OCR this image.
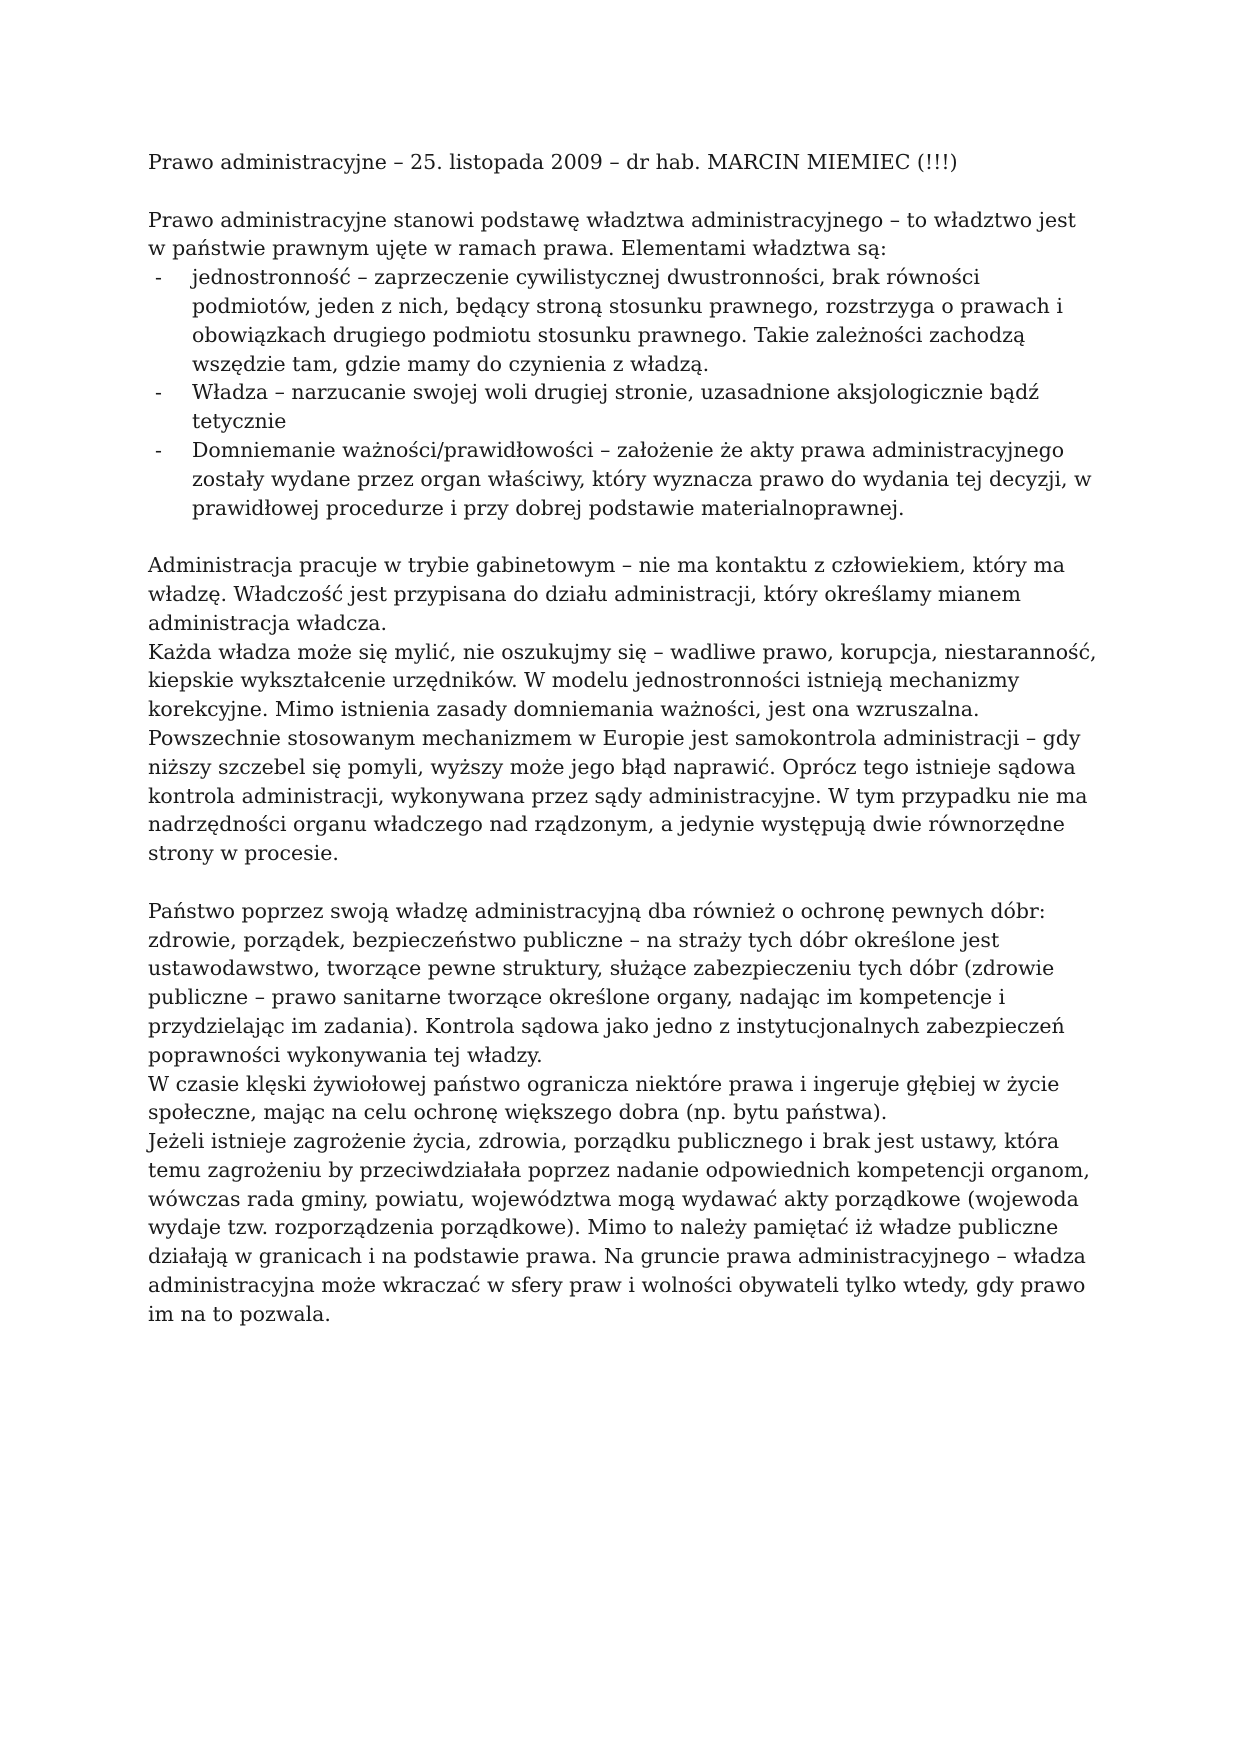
Prawo administracyjne – 25. listopada 2009 – dr hab. MARCIN MIEMIEC (!!!)

Prawo administracyjne stanowi podstawę władztwa administracyjnego – to władztwo jest w państwie prawnym ujęte w ramach prawa. Elementami władztwa są:

- jednostronność – zaprzeczenie cywilistycznej dwustronności, brak równości podmiotów, jeden z nich, będący stroną stosunku prawnego, rozstrzyga o prawach i obowiązkach drugiego podmiotu stosunku prawnego. Takie zależności zachodzą wszędzie tam, gdzie mamy do czynienia z władzą.
- Władza – narzucanie swojej woli drugiej stronie, uzasadnione aksjologicznie bądź tetycznie
- Domniemanie ważności/prawidłowości – założenie że akty prawa administracyjnego zostały wydane przez organ właściwy, który wyznacza prawo do wydania tej decyzji, w prawidłowej procedurze i przy dobrej podstawie materialnoprawnej.

Administracja pracuje w trybie gabinetowym – nie ma kontaktu z człowiekiem, który ma władzę. Władczość jest przypisana do działu administracji, który określamy mianem administracja władcza.

Każda władza może się mylić, nie oszukujmy się – wadliwe prawo, korupcja, niestaranność, kiepskie wykształcenie urzędników. W modelu jednostronności istnieją mechanizmy korekcyjne. Mimo istnienia zasady domniemania ważności, jest ona wzruszalna. Powszechnie stosowanym mechanizmem w Europie jest samokontrola administracji – gdy niższy szczebel się pomyli, wyższy może jego błąd naprawić. Oprócz tego istnieje sądowa kontrola administracji, wykonywana przez sądy administracyjne. W tym przypadku nie ma nadrzędności organu władczego nad rządzonym, a jedynie występują dwie równorzędne strony w procesie.

Państwo poprzez swoją władzę administracyjną dba również o ochronę pewnych dóbr: zdrowie, porządek, bezpieczeństwo publiczne – na straży tych dóbr określone jest ustawodawstwo, tworzące pewne struktury, służące zabezpieczeniu tych dóbr (zdrowie publiczne – prawo sanitarne tworzące określone organy, nadając im kompetencje i przydzielając im zadania). Kontrola sądowa jako jedno z instytucjonalnych zabezpieczeń poprawności wykonywania tej władzy.

W czasie klęski żywiołowej państwo ogranicza niektóre prawa i ingeruje głębiej w życie społeczne, mając na celu ochronę większego dobra (np. bytu państwa).

Jeżeli istnieje zagrożenie życia, zdrowia, porządku publicznego i brak jest ustawy, która temu zagrożeniu by przeciwdziałała poprzez nadanie odpowiednich kompetencji organom, wówczas rada gminy, powiatu, województwa mogą wydawać akty porządkowe (wojewoda wydaje tzw. rozporządzenia porządkowe). Mimo to należy pamiętać iż władze publiczne działają w granicach i na podstawie prawa. Na gruncie prawa administracyjnego – władza administracyjna może wkraczać w sfery praw i wolności obywateli tylko wtedy, gdy prawo im na to pozwala.
